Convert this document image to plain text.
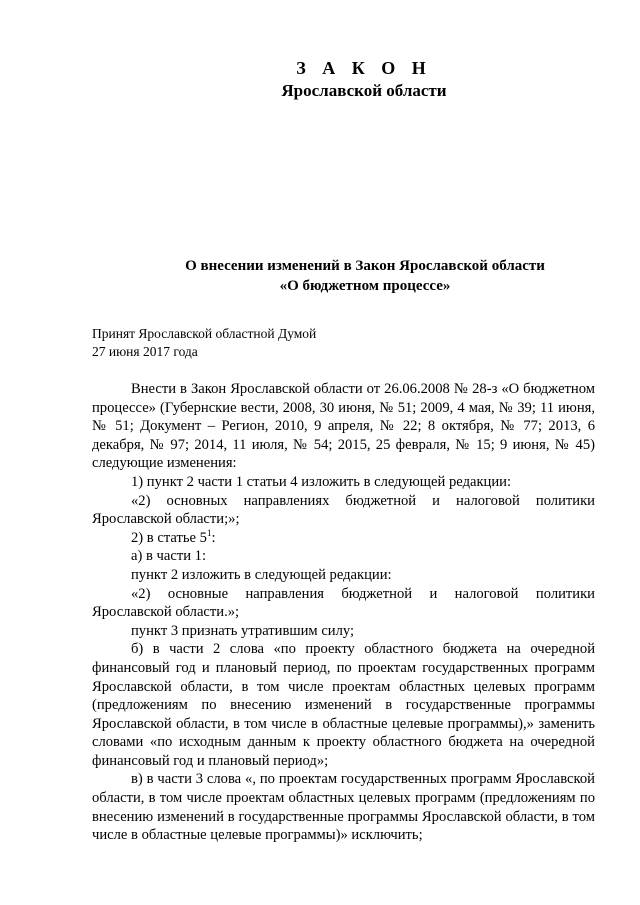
З А К О Н
Ярославской области
О внесении изменений в Закон Ярославской области
«О бюджетном процессе»
Принят Ярославской областной Думой
27 июня 2017 года

Внести в Закон Ярославской области от 26.06.2008 № 28-з «О бюджетном процессе» (Губернские вести, 2008, 30 июня, № 51; 2009, 4 мая, № 39; 11 июня, № 51; Документ – Регион, 2010, 9 апреля, № 22; 8 октября, № 77; 2013, 6 декабря, № 97; 2014, 11 июля, № 54; 2015, 25 февраля, № 15; 9 июня, № 45) следующие изменения:

1) пункт 2 части 1 статьи 4 изложить в следующей редакции:

«2) основных направлениях бюджетной и налоговой политики Ярославской области;»;

2) в статье $5^1$:

а) в части 1:

пункт 2 изложить в следующей редакции:

«2) основные направления бюджетной и налоговой политики Ярославской области.»;

пункт 3 признать утратившим силу;

б) в части 2 слова «по проекту областного бюджета на очередной финансовый год и плановый период, по проектам государственных программ Ярославской области, в том числе проектам областных целевых программ (предложениям по внесению изменений в государственные программы Ярославской области, в том числе в областные целевые программы),» заменить словами «по исходным данным к проекту областного бюджета на очередной финансовый год и плановый период»;

в) в части 3 слова «, по проектам государственных программ Ярославской области, в том числе проектам областных целевых программ (предложениям по внесению изменений в государственные программы Ярославской области, в том числе в областные целевые программы)» исключить;
